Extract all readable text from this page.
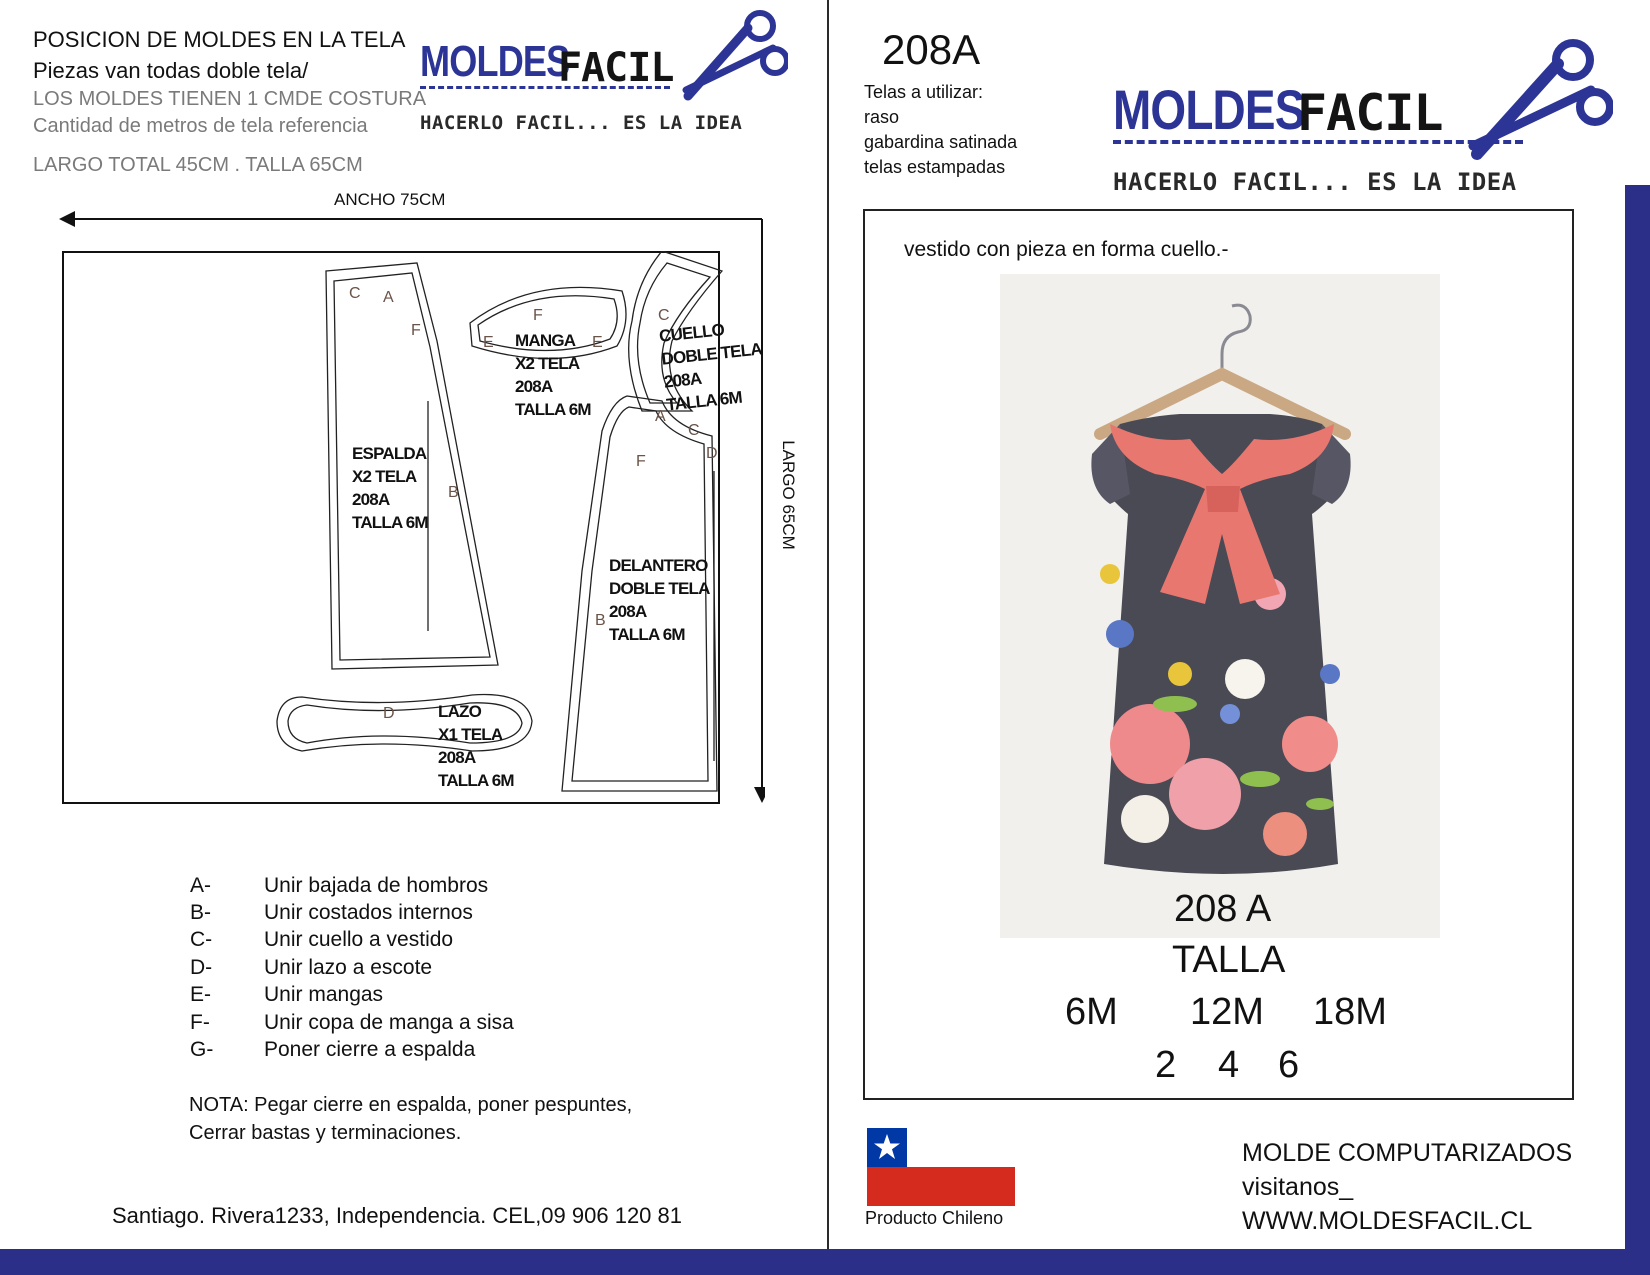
POSICION DE MOLDES EN LA TELA
Piezas van todas doble tela/
LOS MOLDES TIENEN 1 CMDE COSTURA
Cantidad de metros de tela referencia
LARGO TOTAL 45CM . TALLA 65CM
MOLDES
FACIL
HACERLO FACIL... ES LA IDEA
ANCHO 75CM
LARGO 65CM
ESPALDA
X2 TELA
208A
TALLA 6M
MANGA
X2 TELA
208A
TALLA 6M
CUELLO
DOBLE TELA
208A
TALLA 6M
DELANTERO
DOBLE TELA
208A
TALLA 6M
LAZO
X1 TELA
208A
TALLA 6M
C A
F
B
F
E	E
C
A
C
F	D
B
D
A-	Unir bajada de hombros
B-	Unir costados internos
C-	Unir cuello a vestido
D-	Unir lazo a escote
E-	Unir mangas
F-	Unir copa de manga a sisa
G-	Poner cierre a espalda
NOTA: Pegar cierre en espalda, poner pespuntes,
Cerrar bastas y terminaciones.
Santiago. Rivera1233, Independencia. CEL,09 906 120 81
208A
Telas a utilizar:
raso
gabardina satinada
telas estampadas
MOLDES
FACIL
HACERLO FACIL... ES LA IDEA
vestido con pieza en forma cuello.-
208 A
TALLA
6M 12M 18M
2 4 6
Producto Chileno
MOLDE COMPUTARIZADOS
visitanos_
WWW.MOLDESFACIL.CL
